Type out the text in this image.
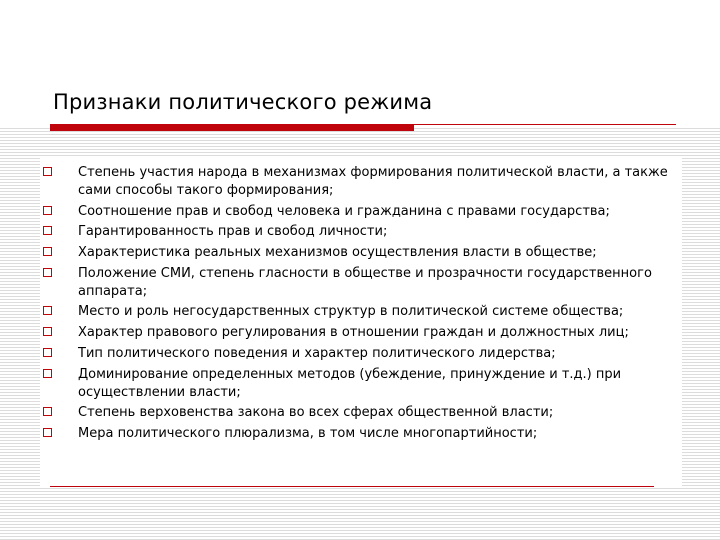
Признаки политического режима
Степень участия народа в механизмах формирования политической власти, а также сами способы такого формирования;
Соотношение прав и свобод человека и гражданина с правами государства;
Гарантированность прав и свобод личности;
Характеристика реальных механизмов осуществления власти в обществе;
Положение СМИ, степень гласности в обществе и прозрачности государственного аппарата;
Место и роль негосударственных структур в политической системе общества;
Характер правового регулирования в отношении граждан и должностных лиц;
Тип политического поведения и характер политического лидерства;
Доминирование определенных методов (убеждение, принуждение и т.д.) при осуществлении власти;
Степень верховенства закона во всех сферах общественной власти;
Мера политического плюрализма, в том числе многопартийности;
